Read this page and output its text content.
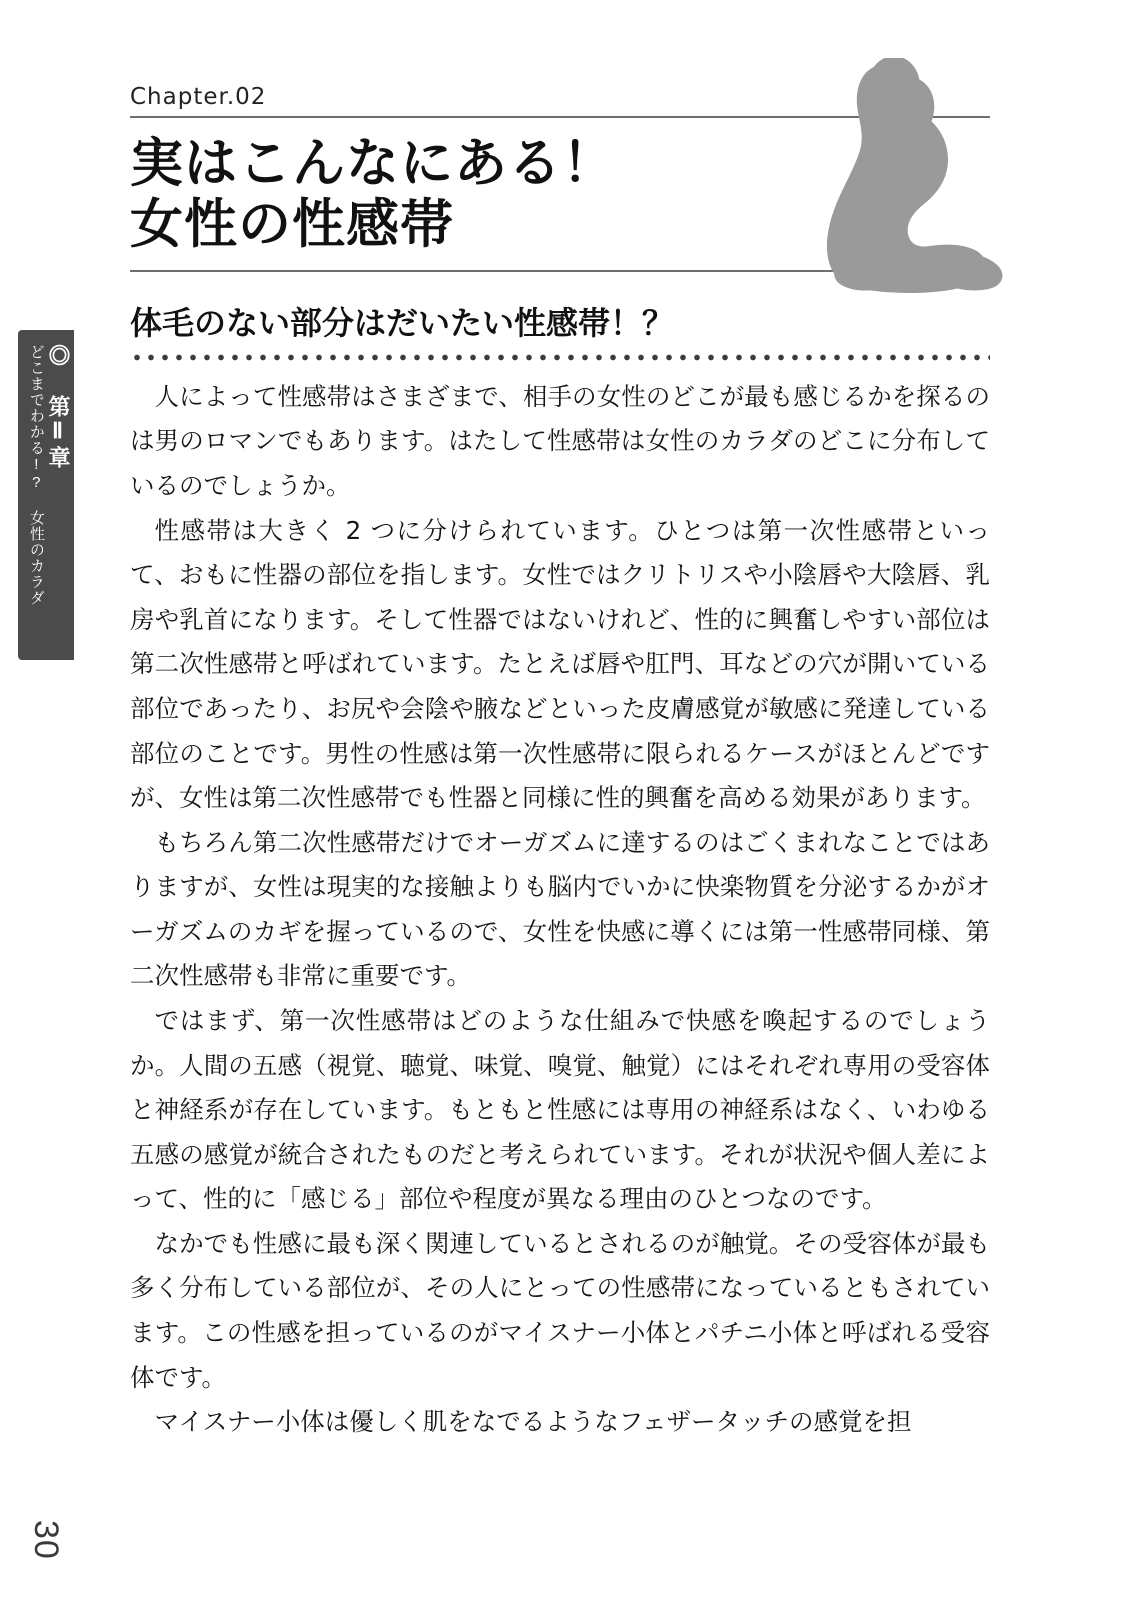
◎ 第Ⅱ章
どこまでわかる!? 女性のカラダ
30
Chapter.02
実はこんなにある！
女性の性感帯
体毛のない部分はだいたい性感帯！？

人によって性感帯はさまざまで、相手の女性のどこが最も感じるかを探るのは男のロマンでもあります。はたして性感帯は女性のカラダのどこに分布しているのでしょうか。

性感帯は大きく 2 つに分けられています。ひとつは第一次性感帯といって、おもに性器の部位を指します。女性ではクリトリスや小陰唇や大陰唇、乳房や乳首になります。そして性器ではないけれど、性的に興奮しやすい部位は第二次性感帯と呼ばれています。たとえば唇や肛門、耳などの穴が開いている部位であったり、お尻や会陰や腋などといった皮膚感覚が敏感に発達している部位のことです。男性の性感は第一次性感帯に限られるケースがほとんどですが、女性は第二次性感帯でも性器と同様に性的興奮を高める効果があります。

もちろん第二次性感帯だけでオーガズムに達するのはごくまれなことではありますが、女性は現実的な接触よりも脳内でいかに快楽物質を分泌するかがオーガズムのカギを握っているので、女性を快感に導くには第一性感帯同様、第二次性感帯も非常に重要です。

ではまず、第一次性感帯はどのような仕組みで快感を喚起するのでしょうか。人間の五感（視覚、聴覚、味覚、嗅覚、触覚）にはそれぞれ専用の受容体と神経系が存在しています。もともと性感には専用の神経系はなく、いわゆる五感の感覚が統合されたものだと考えられています。それが状況や個人差によって、性的に「感じる」部位や程度が異なる理由のひとつなのです。

なかでも性感に最も深く関連しているとされるのが触覚。その受容体が最も多く分布している部位が、その人にとっての性感帯になっているともされています。この性感を担っているのがマイスナー小体とパチニ小体と呼ばれる受容体です。

マイスナー小体は優しく肌をなでるようなフェザータッチの感覚を担
